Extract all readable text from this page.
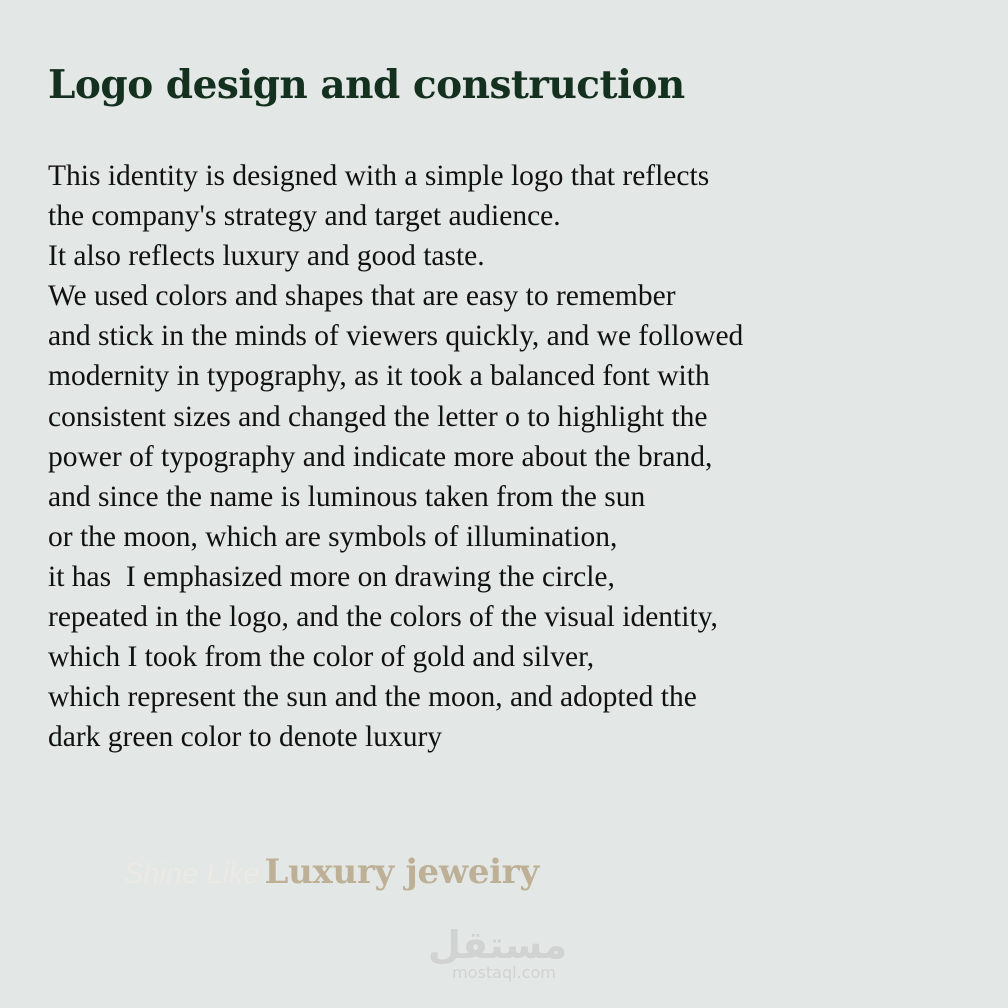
Logo design and construction
This identity is designed with a simple logo that reflects
the company's strategy and target audience.
It also reflects luxury and good taste.
We used colors and shapes that are easy to remember
and stick in the minds of viewers quickly, and we followed
modernity in typography, as it took a balanced font with
consistent sizes and changed the letter o to highlight the
power of typography and indicate more about the brand,
and since the name is luminous taken from the sun
or the moon, which are symbols of illumination,
it has  I emphasized more on drawing the circle,
repeated in the logo, and the colors of the visual identity,
which I took from the color of gold and silver,
which represent the sun and the moon, and adopted the
dark green color to denote luxury
Shine Like Luxury jeweiry
مستقل
mostaql.com
